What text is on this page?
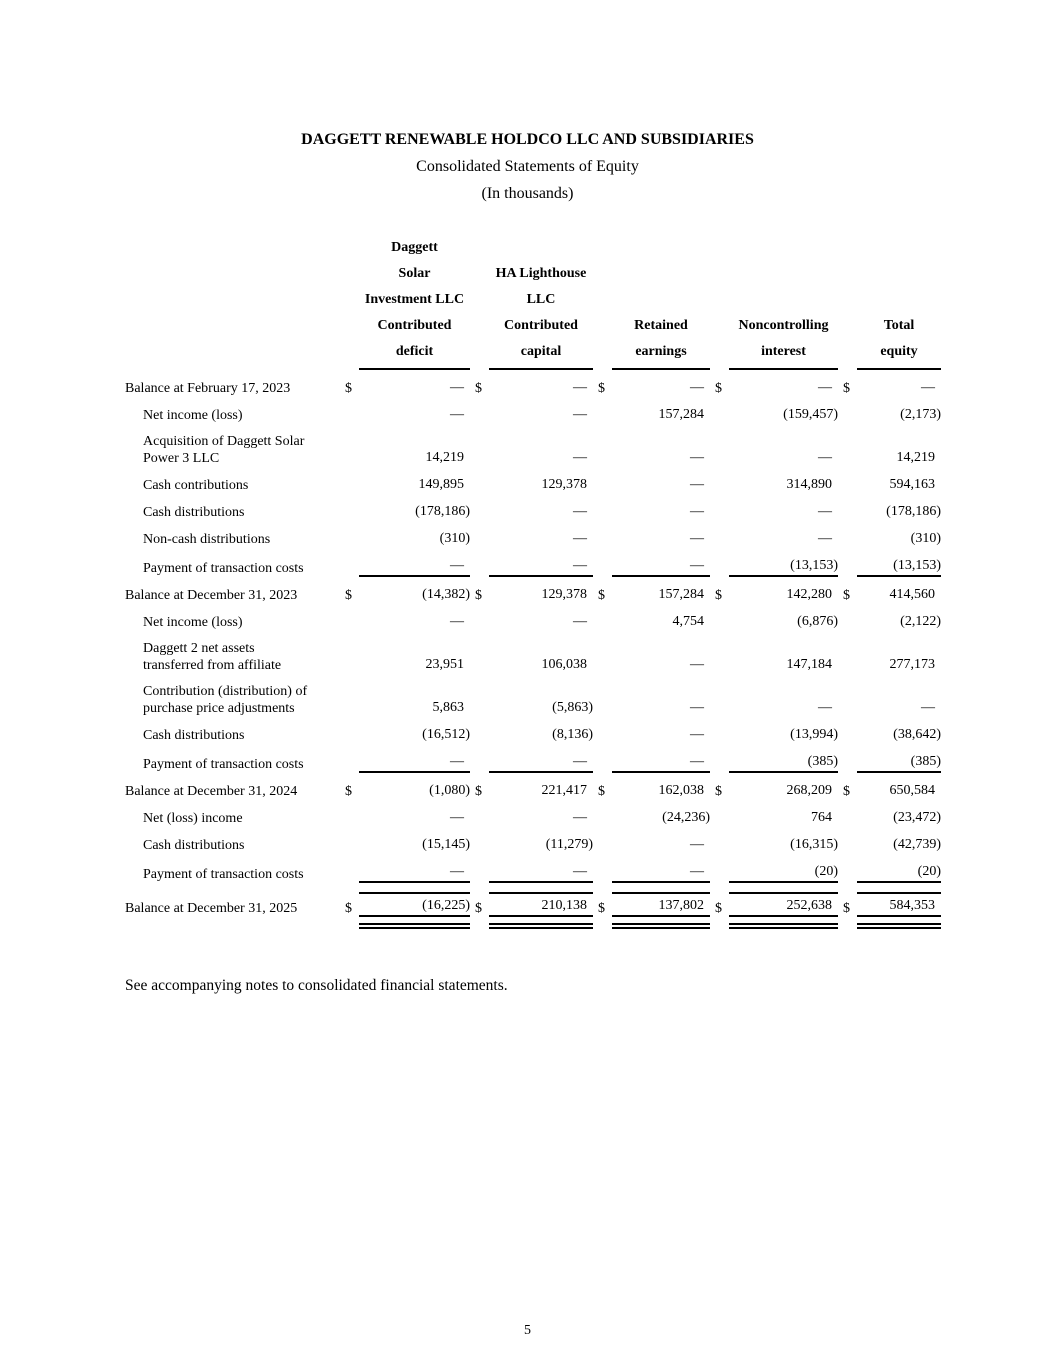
DAGGETT RENEWABLE HOLDCO LLC AND SUBSIDIARIES
Consolidated Statements of Equity
(In thousands)

Daggett
Solar
Investment LLC
Contributed
deficit

HA Lighthouse
LLC
Contributed
capital

Retained
earnings

Noncontrolling
interest

Total
equity

Balance at February 17, 2023	$ —	$ —	$ —	$ —	$ —

Net income (loss)	—	—	157,284	(159,457)	(2,173)

Acquisition of Daggett Solar
Power 3 LLC	14,219	—	—	—	14,219

Cash contributions	149,895	129,378	—	314,890	594,163

Cash distributions	(178,186)	—	—	—	(178,186)

Non-cash distributions	(310)	—	—	—	(310)

Payment of transaction costs	—	—	—	(13,153)	(13,153)

Balance at December 31, 2023	$ (14,382)	$ 129,378	$ 157,284	$ 142,280	$ 414,560

Net income (loss)	—	—	4,754	(6,876)	(2,122)

Daggett 2 net assets
transferred from affiliate	23,951	106,038	—	147,184	277,173

Contribution (distribution) of
purchase price adjustments	5,863	(5,863)	—	—	—

Cash distributions	(16,512)	(8,136)	—	(13,994)	(38,642)

Payment of transaction costs	—	—	—	(385)	(385)

Balance at December 31, 2024	$ (1,080)	$ 221,417	$ 162,038	$ 268,209	$ 650,584

Net (loss) income	—	—	(24,236)	764	(23,472)

Cash distributions	(15,145)	(11,279)	—	(16,315)	(42,739)

Payment of transaction costs	—	—	—	(20)	(20)

Balance at December 31, 2025	$ (16,225)	$ 210,138	$ 137,802	$ 252,638	$ 584,353

See accompanying notes to consolidated financial statements.

5
